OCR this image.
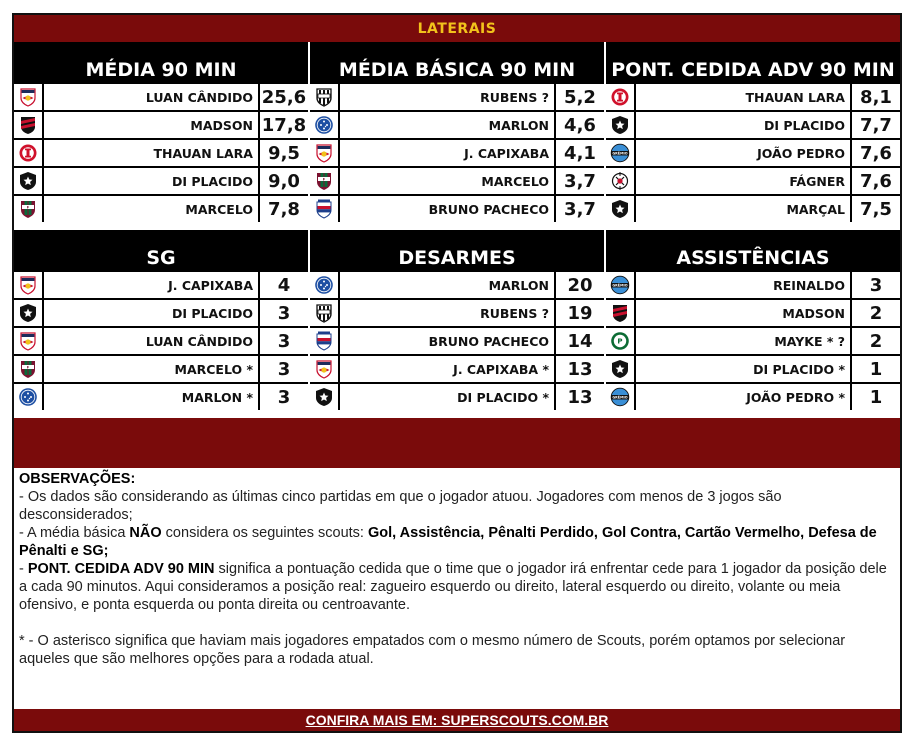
LATERAIS
MÉDIA 90 MIN
LUAN CÂNDIDO 25,6
MADSON 17,8
THAUAN LARA 9,5
DI PLACIDO 9,0
F	MARCELO 7,8
MÉDIA BÁSICA 90 MIN
RUBENS ? 5,2
MARLON 4,6
J. CAPIXABA 4,1
F	MARCELO 3,7
BRUNO PACHECO 3,7
PONT. CEDIDA ADV 90 MIN
THAUAN LARA 8,1
DI PLACIDO 7,7
GRÊMIO	JOÃO PEDRO 7,6
FÁGNER 7,6
MARÇAL 7,5
SG
J. CAPIXABA	4
DI PLACIDO	3
LUAN CÂNDIDO	3
F	MARCELO *	3
MARLON *	3
DESARMES
MARLON	20
RUBENS ?	19
BRUNO PACHECO	14
J. CAPIXABA *	13
DI PLACIDO *	13
ASSISTÊNCIAS
GRÊMIO	REINALDO	3
MADSON	2
P	MAYKE * ?	2
DI PLACIDO *	1
GRÊMIO	JOÃO PEDRO *	1
OBSERVAÇÕES:
- Os dados são considerando as últimas cinco partidas em que o jogador atuou. Jogadores com menos de 3 jogos são desconsiderados;
- A média básica NÃO considera os seguintes scouts: Gol, Assistência, Pênalti Perdido, Gol Contra, Cartão Vermelho, Defesa de Pênalti e SG;
- PONT. CEDIDA ADV 90 MIN significa a pontuação cedida que o time que o jogador irá enfrentar cede para 1 jogador da posição dele a cada 90 minutos. Aqui consideramos a posição real: zagueiro esquerdo ou direito, lateral esquerdo ou direito, volante ou meia ofensivo, e ponta esquerda ou ponta direita ou centroavante.
* - O asterisco significa que haviam mais jogadores empatados com o mesmo número de Scouts, porém optamos por selecionar aqueles que são melhores opções para a rodada atual.
CONFIRA MAIS EM: SUPERSCOUTS.COM.BR
